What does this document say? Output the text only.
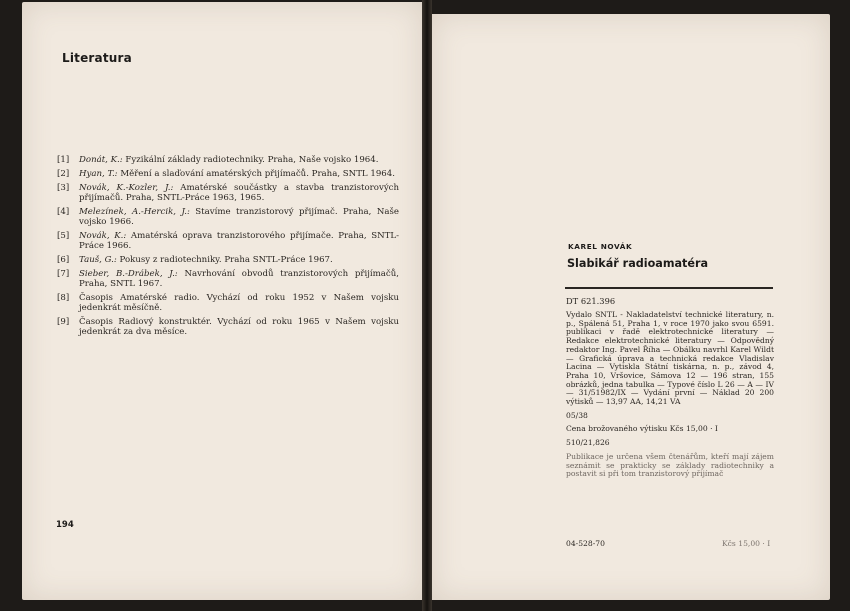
Literatura
[1] Donát, K.: Fyzikální základy radiotechniky. Praha, Naše vojsko 1964.
[2] Hyan, T.: Měření a slaďování amatérských přijímačů. Praha, SNTL 1964.
[3] Novák, K.-Kozler, J.: Amatérské součástky a stavba tranzistorových přijímačů. Praha, SNTL-Práce 1963, 1965.
[4] Melezínek, A.-Hercik, J.: Stavíme tranzistorový přijímač. Praha, Naše vojsko 1966.
[5] Novák, K.: Amatérská oprava tranzistorového přijímače. Praha, SNTL-Práce 1966.
[6] Tauš, G.: Pokusy z radiotechniky. Praha SNTL-Práce 1967.
[7] Sieber, B.-Drábek, J.: Navrhování obvodů tranzistorových přijímačů, Praha, SNTL 1967.
[8] Časopis Amatérské radio. Vychází od roku 1952 v Našem vojsku jedenkrát měsíčně.
[9] Časopis Radiový konstruktér. Vychází od roku 1965 v Našem vojsku jedenkrát za dva měsíce.
194
KAREL NOVÁK
Slabikář radioamatéra
DT 621.396

Vydalo SNTL - Nakladatelství technické literatury, n. p., Spálená 51, Praha 1, v roce 1970 jako svou 6591. publikaci v řadě elektrotechnické literatury — Redakce elektrotechnické literatury — Odpovědný redaktor Ing. Pavel Říha — Obálku navrhl Karel Wildt — Grafická úprava a technická redakce Vladislav Lacina — Vytiskla Státní tiskárna, n. p., závod 4, Praha 10, Vršovice, Sámova 12 — 196 stran, 155 obrázků, jedna tabulka — Typové číslo L 26 — A — IV — 31/51982/IX — Vydání první — Náklad 20 200 výtisků — 13,97 AA, 14,21 VA

05/38

Cena brožovaného výtisku Kčs 15,00 · I

510/21,826

Publikace je určena všem čtenářům, kteří mají zájem seznámit se prakticky se základy radiotechniky a postavit si při tom tranzistorový přijímač

04-528-70	Kčs 15,00 · I
